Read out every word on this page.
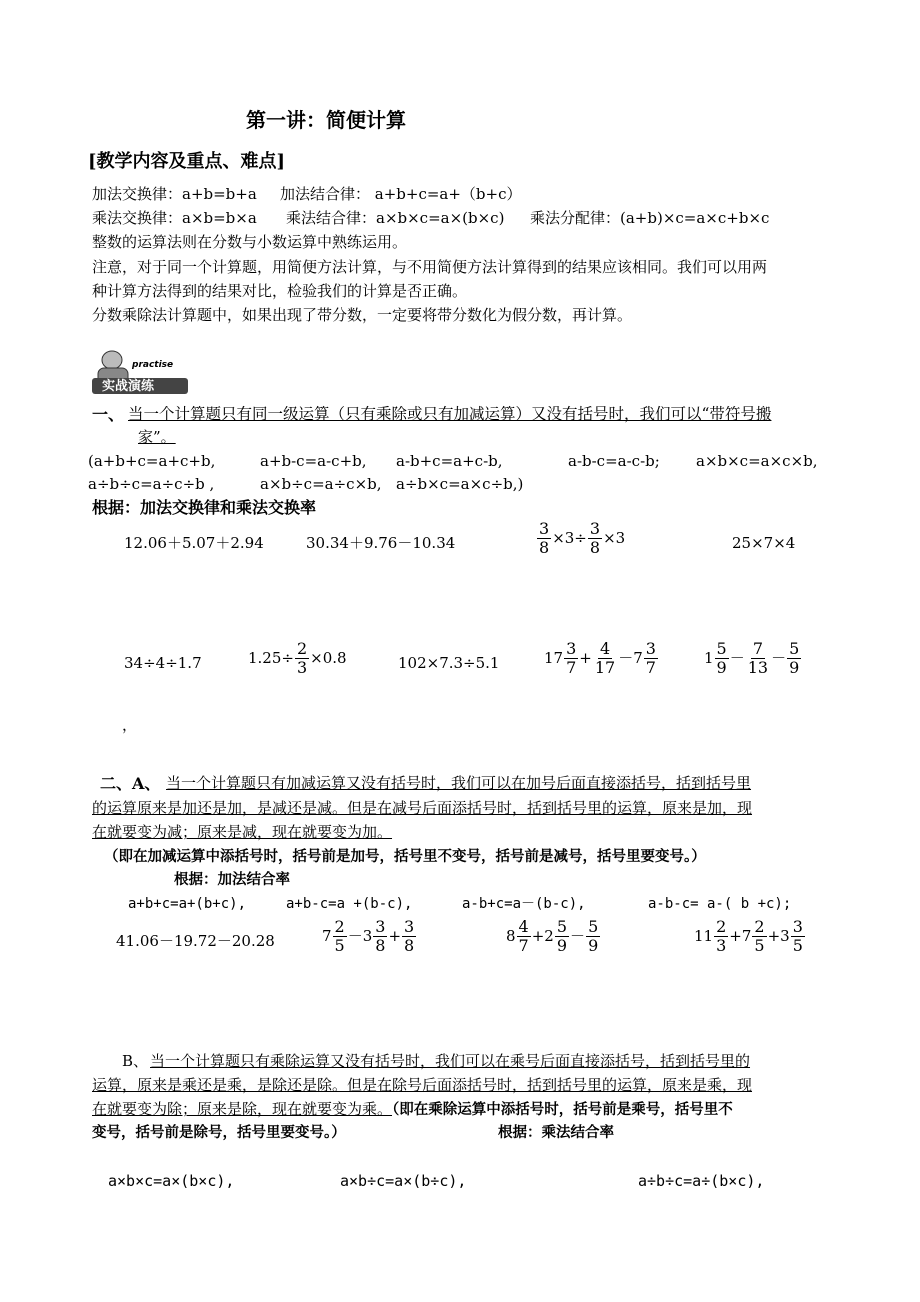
第一讲：简便计算
[教学内容及重点、难点]
加法交换律：a+b=b+a 加法结合律： a+b+c=a+（b+c）
乘法交换律：a×b=b×a 乘法结合律：a×b×c=a×(b×c) 乘法分配律：(a+b)×c=a×c+b×c
整数的运算法则在分数与小数运算中熟练运用。
注意，对于同一个计算题，用简便方法计算，与不用简便方法计算得到的结果应该相同。我们可以用两
种计算方法得到的结果对比，检验我们的计算是否正确。
分数乘除法计算题中，如果出现了带分数，一定要将带分数化为假分数，再计算。
practise
实战演练
一、 当一个计算题只有同一级运算（只有乘除或只有加减运算）又没有括号时，我们可以“带符号搬
家”。
(a+b+c=a+c+b,	a+b-c=a-c+b, a-b+c=a+c-b,	a-b-c=a-c-b; a×b×c=a×c×b,
a÷b÷c=a÷c÷b ,	a×b÷c=a÷c×b, a÷b×c=a×c÷b,)
根据：加法交换律和乘法交换率
12.06＋5.07＋2.94	30.34＋9.76－10.34	$\frac{3}{8} \times 3\div \frac{3}{8} \times 3$	25×7×4
34÷4÷1.7	$1.25\div \frac{2}{3} \times 0.8$	102×7.3÷5.1	$17 \frac{3}{7} + \frac{4}{17} -7 \frac{3}{7}$	$1 \frac{5}{9} - \frac{7}{13} - \frac{5}{9}$
，
二、A、 当一个计算题只有加减运算又没有括号时，我们可以在加号后面直接添括号，括到括号里
的运算原来是加还是加，是减还是减。但是在减号后面添括号时，括到括号里的运算，原来是加，现
在就要变为减；原来是减，现在就要变为加。
（即在加减运算中添括号时，括号前是加号，括号里不变号，括号前是减号，括号里要变号。）
根据：加法结合率
a+b+c=a+(b+c),	a+b-c=a +(b-c),	a-b+c=a－(b-c),	a-b-c= a-( b +c);
41.06－19.72－20.28	$7 \frac{2}{5} -3 \frac{3}{8} + \frac{3}{8}$	$8 \frac{4}{7} +2 \frac{5}{9} - \frac{5}{9}$	$11 \frac{2}{3} +7 \frac{2}{5} +3 \frac{3}{5}$
B、 当一个计算题只有乘除运算又没有括号时，我们可以在乘号后面直接添括号，括到括号里的
运算，原来是乘还是乘，是除还是除。但是在除号后面添括号时，括到括号里的运算，原来是乘，现
在就要变为除；原来是除，现在就要变为乘。（即在乘除运算中添括号时，括号前是乘号，括号里不
变号，括号前是除号，括号里要变号。）	根据：乘法结合率
a×b×c=a×(b×c),	a×b÷c=a×(b÷c),	a÷b÷c=a÷(b×c),
